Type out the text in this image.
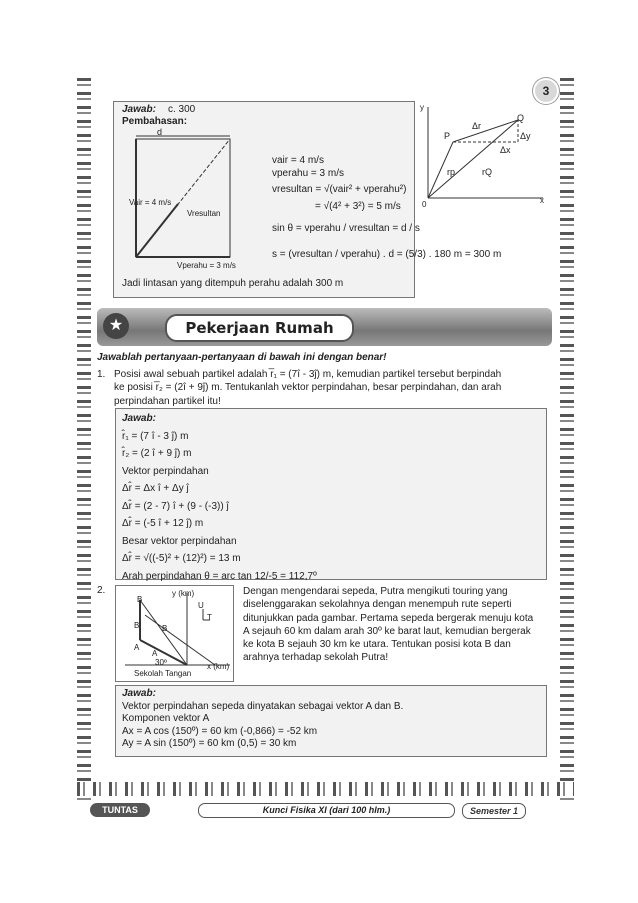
3
Jawab: c. 300
Pembahasan:
d
Vair = 4 m/s
Vresultan
Vperahu = 3 m/s
vair = 4 m/s
vperahu = 3 m/s
vresultan = √(vair² + vperahu²)
= √(4² + 3²) = 5 m/s
sin θ = vperahu / vresultan = d / s
s = (vresultan / vperahu) . d = (5/3) . 180 m = 300 m
Jadi lintasan yang ditempuh perahu adalah 300 m
y
x
0
P
Q
Δr
Δy
Δx
rp	rQ
★	Pekerjaan Rumah
Jawablah pertanyaan-pertanyaan di bawah ini dengan benar!
1. Posisi awal sebuah partikel adalah r̅₁ = (7î - 3ĵ) m, kemudian partikel tersebut berpindah

ke posisi r̅₂ = (2î + 9ĵ) m. Tentukanlah vektor perpindahan, besar perpindahan, dan arah

perpindahan partikel itu!

Jawab:

r̂₁ = (7 î - 3 ĵ) m

r̂₂ = (2 î + 9 ĵ) m

Vektor perpindahan

Δr̂ = Δx î + Δy ĵ

Δr̂ = (2 - 7) î + (9 - (-3)) ĵ

Δr̂ = (-5 î + 12 ĵ) m

Besar vektor perpindahan

Δr̂ = √((-5)² + (12)²) = 13 m

Arah perpindahan θ = arc tan 12/-5 = 112,7º

2.	y (km)
x (km)
U
T
B
B	B
A
A
30º
Sekolah Tangan

Dengan mengendarai sepeda, Putra mengikuti touring yang

diselenggarakan sekolahnya dengan menempuh rute seperti

ditunjukkan pada gambar. Pertama sepeda bergerak menuju kota

A sejauh 60 km dalam arah 30º ke barat laut, kemudian bergerak

ke kota B sejauh 30 km ke utara. Tentukan posisi kota B dan

arahnya terhadap sekolah Putra!

Jawab:

Vektor perpindahan sepeda dinyatakan sebagai vektor A dan B.

Komponen vektor A

Ax = A cos (150º) = 60 km (-0,866) = -52 km

Ay = A sin (150º) = 60 km (0,5) = 30 km

TUNTAS	Kunci Fisika XI (dari 100 hlm.)	Semester 1
